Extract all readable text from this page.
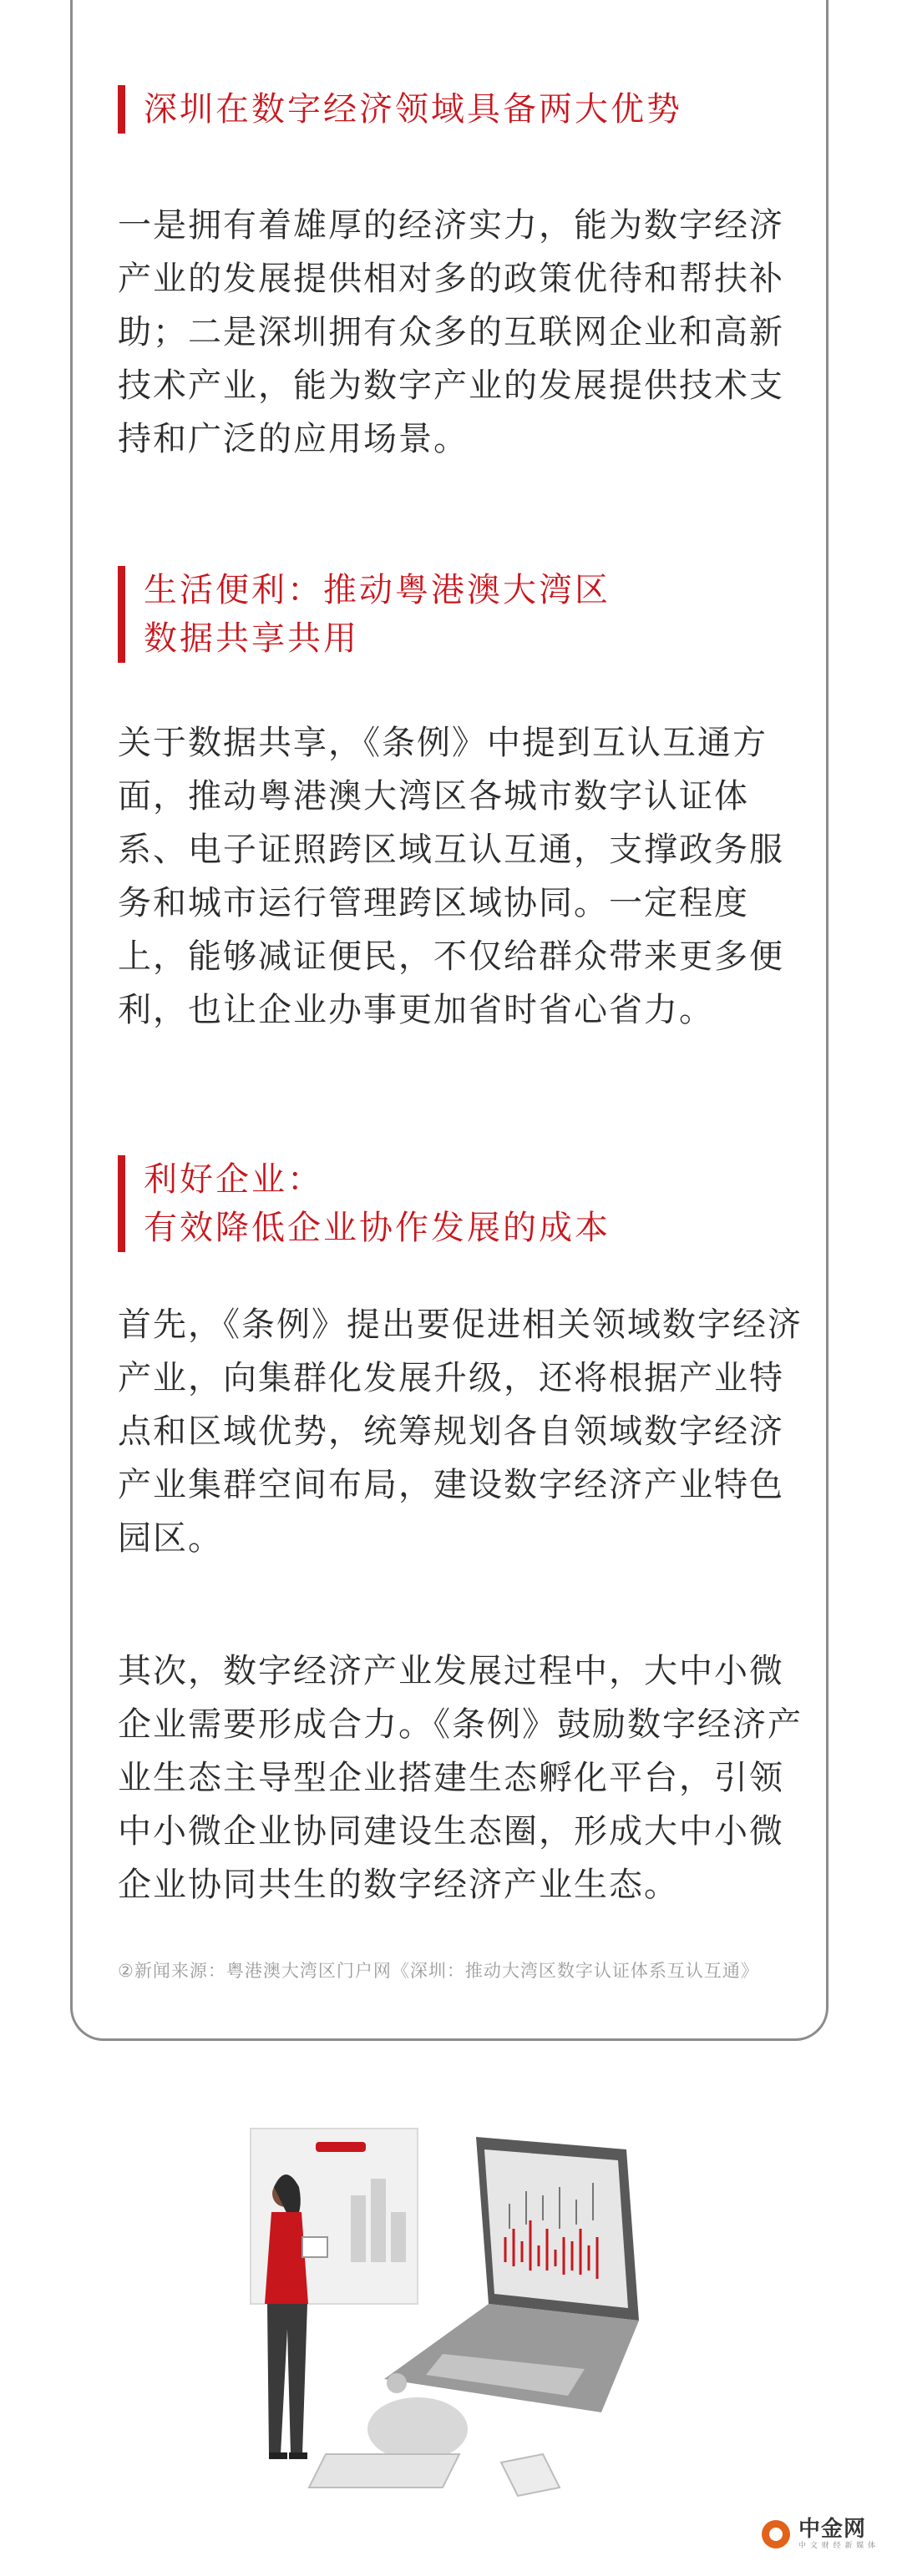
深圳在数字经济领域具备两大优势

一是拥有着雄厚的经济实力，能为数字经济产业的发展提供相对多的政策优待和帮扶补助；二是深圳拥有众多的互联网企业和高新技术产业，能为数字产业的发展提供技术支持和广泛的应用场景。

生活便利：推动粤港澳大湾区
数据共享共用

关于数据共享，《条例》中提到互认互通方面，推动粤港澳大湾区各城市数字认证体系、电子证照跨区域互认互通，支撑政务服务和城市运行管理跨区域协同。一定程度上，能够减证便民，不仅给群众带来更多便利，也让企业办事更加省时省心省力。

利好企业：
有效降低企业协作发展的成本

首先，《条例》提出要促进相关领域数字经济产业，向集群化发展升级，还将根据产业特点和区域优势，统筹规划各自领域数字经济产业集群空间布局，建设数字经济产业特色园区。

其次，数字经济产业发展过程中，大中小微企业需要形成合力。《条例》鼓励数字经济产业生态主导型企业搭建生态孵化平台，引领中小微企业协同建设生态圈，形成大中小微企业协同共生的数字经济产业生态。

②新闻来源：粤港澳大湾区门户网《深圳：推动大湾区数字认证体系互认互通》

中金网
中 文 财 经 新 媒 体
